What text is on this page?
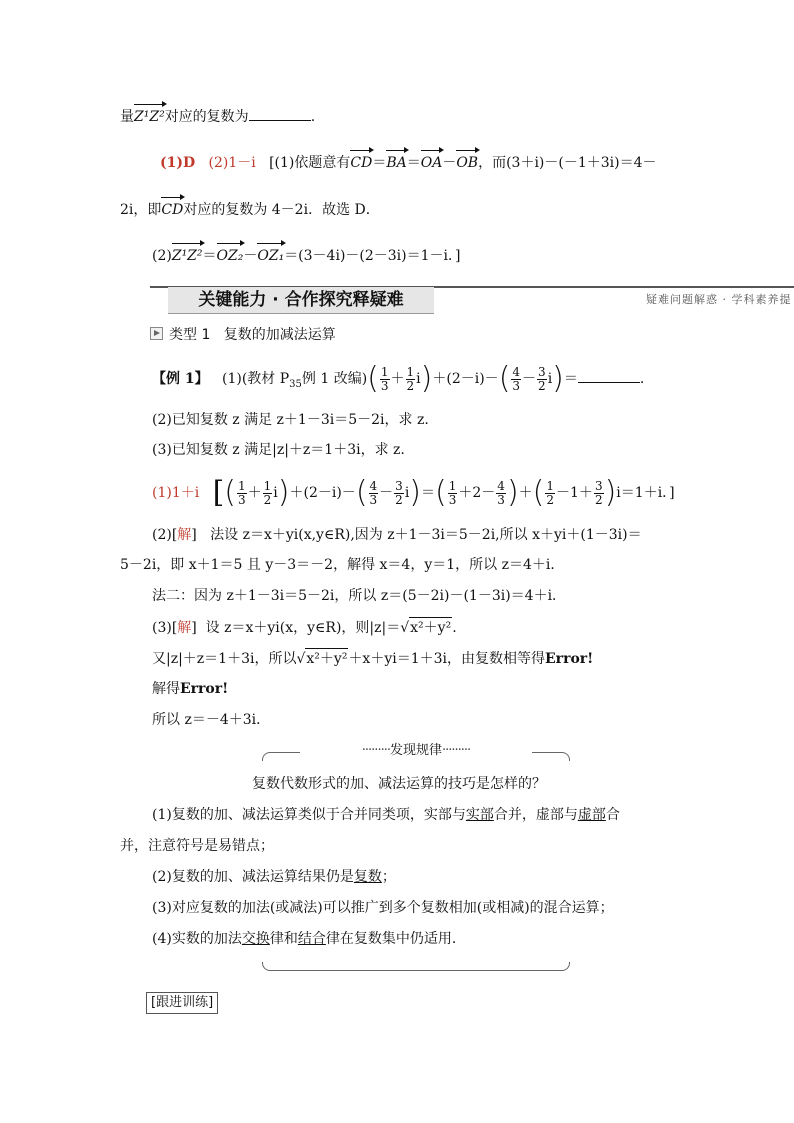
量Z¹Z²对应的复数为	.
(1)D (2)1－i [(1)依题意有CD＝BA＝OA－OB，而(3＋i)－(－1＋3i)＝4－
2i，即CD对应的复数为 4－2i．故选 D．
(2)Z¹Z²＝OZ₂－OZ₁＝(3－4i)－(2－3i)＝1－i．]
关键能力 · 合作探究释疑难	疑难问题解惑 · 学科素养提
类型 1 复数的加减法运算
【例 1】 (1)(教材 $P_{35}$例 1 改编)( $\frac{1}{3} + \frac{1}{2} i)+(2-i)-( \frac{4}{3} - \frac{3}{2} i)=$	.
(2)已知复数 z 满足 z＋1－3i＝5－2i，求 z.
(3)已知复数 z 满足|z|＋z＝1＋3i，求 z.
(1)1＋i [( $\frac{1}{3} + \frac{1}{2} i)+(2-i)-( \frac{4}{3} - \frac{3}{2} i)=( \frac{1}{3} +2- \frac{4}{3}$ )＋( $\frac{1}{2} -1+ \frac{3}{2} )i=1+i$．]
(2)[解] 法设 z＝x＋yi(x,y∈R),因为 z＋1－3i＝5－2i,所以 x＋yi＋(1－3i)＝
5－2i，即 x＋1＝5 且 y－3＝－2，解得 x＝4，y＝1，所以 z＝4＋i．
法二：因为 z＋1－3i＝5－2i，所以 z＝(5－2i)－(1－3i)＝4＋i．
(3)[解] 设 z＝x＋yi(x，y∈R)，则|z|＝√x²＋y².
又|z|＋z＝1＋3i，所以√x²＋y²＋x＋yi＝1＋3i，由复数相等得Error!
解得Error!
所以 z＝－4＋3i．
·········发现规律·········
复数代数形式的加、减法运算的技巧是怎样的？
(1)复数的加、减法运算类似于合并同类项，实部与实部合并，虚部与虚部合
并，注意符号是易错点；
(2)复数的加、减法运算结果仍是复数；
(3)对应复数的加法(或减法)可以推广到多个复数相加(或相减)的混合运算；
(4)实数的加法交换律和结合律在复数集中仍适用．
[跟进训练]
